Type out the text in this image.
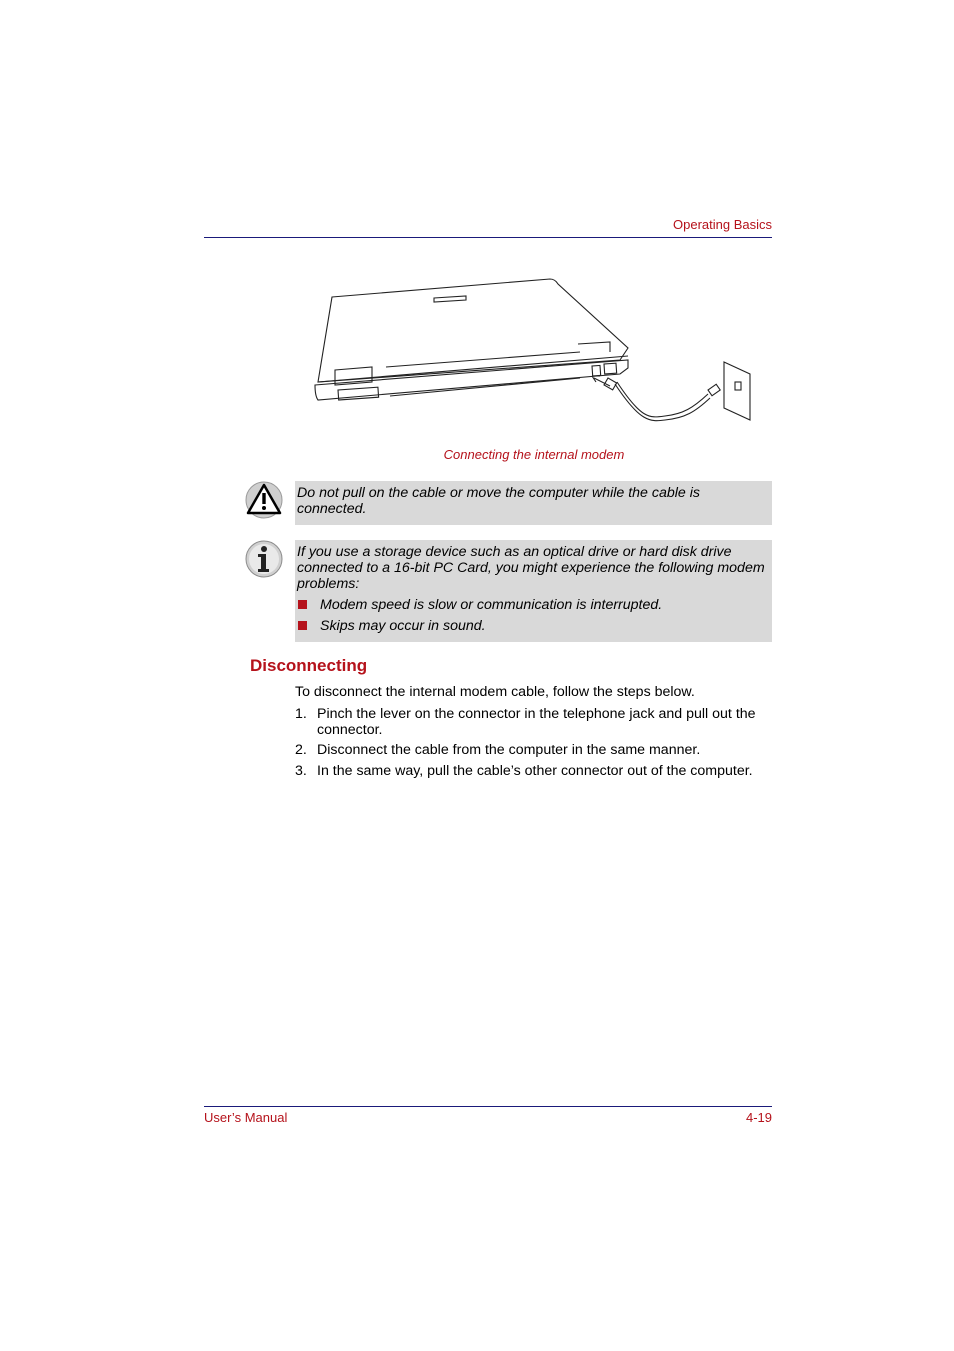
Operating Basics
Connecting the internal modem
Do not pull on the cable or move the computer while the cable is connected.
If you use a storage device such as an optical drive or hard disk drive connected to a 16-bit PC Card, you might experience the following modem problems:
Modem speed is slow or communication is interrupted.
Skips may occur in sound.
Disconnecting
To disconnect the internal modem cable, follow the steps below.
1. Pinch the lever on the connector in the telephone jack and pull out the connector.
2. Disconnect the cable from the computer in the same manner.
3. In the same way, pull the cable’s other connector out of the computer.
User’s Manual	4-19
